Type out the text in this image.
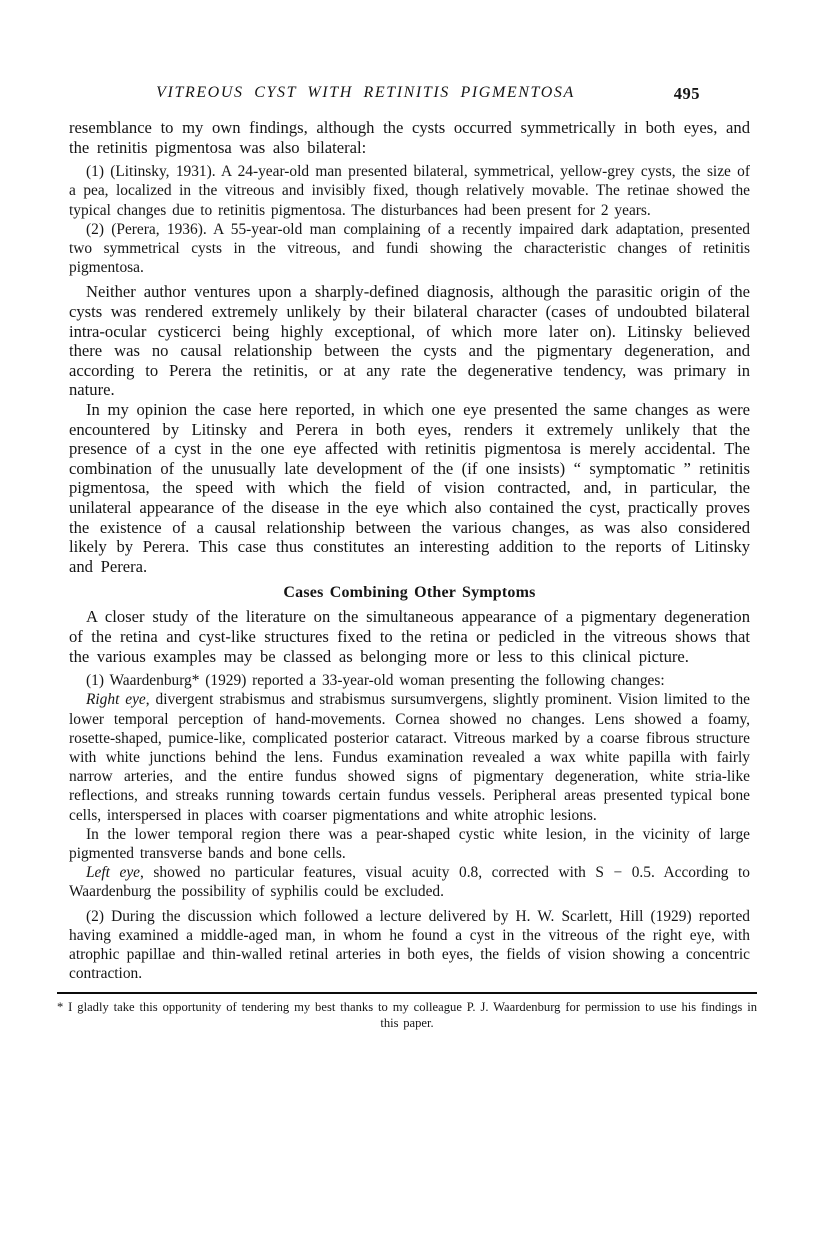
VITREOUS CYST WITH RETINITIS PIGMENTOSA	495

resemblance to my own findings, although the cysts occurred symmetrically in both eyes, and the retinitis pigmentosa was also bilateral:

(1) (Litinsky, 1931). A 24-year-old man presented bilateral, symmetrical, yellow-grey cysts, the size of a pea, localized in the vitreous and invisibly fixed, though relatively movable. The retinae showed the typical changes due to retinitis pigmentosa. The disturbances had been present for 2 years.

(2) (Perera, 1936). A 55-year-old man complaining of a recently impaired dark adaptation, presented two symmetrical cysts in the vitreous, and fundi showing the characteristic changes of retinitis pigmentosa.

Neither author ventures upon a sharply-defined diagnosis, although the parasitic origin of the cysts was rendered extremely unlikely by their bilateral character (cases of undoubted bilateral intra-ocular cysticerci being highly exceptional, of which more later on). Litinsky believed there was no causal relationship between the cysts and the pigmentary degeneration, and according to Perera the retinitis, or at any rate the degenerative tendency, was primary in nature.

In my opinion the case here reported, in which one eye presented the same changes as were encountered by Litinsky and Perera in both eyes, renders it extremely unlikely that the presence of a cyst in the one eye affected with retinitis pigmentosa is merely accidental. The combination of the unusually late development of the (if one insists) “ symptomatic ” retinitis pigmentosa, the speed with which the field of vision contracted, and, in particular, the unilateral appearance of the disease in the eye which also contained the cyst, practically proves the existence of a causal relationship between the various changes, as was also considered likely by Perera. This case thus constitutes an interesting addition to the reports of Litinsky and Perera.

Cases Combining Other Symptoms

A closer study of the literature on the simultaneous appearance of a pigmentary degeneration of the retina and cyst-like structures fixed to the retina or pedicled in the vitreous shows that the various examples may be classed as belonging more or less to this clinical picture.

(1) Waardenburg* (1929) reported a 33-year-old woman presenting the following changes:

Right eye, divergent strabismus and strabismus sursumvergens, slightly prominent. Vision limited to the lower temporal perception of hand-movements. Cornea showed no changes. Lens showed a foamy, rosette-shaped, pumice-like, complicated posterior cataract. Vitreous marked by a coarse fibrous structure with white junctions behind the lens. Fundus examination revealed a wax white papilla with fairly narrow arteries, and the entire fundus showed signs of pigmentary degeneration, white stria-like reflections, and streaks running towards certain fundus vessels. Peripheral areas presented typical bone cells, interspersed in places with coarser pigmentations and white atrophic lesions.

In the lower temporal region there was a pear-shaped cystic white lesion, in the vicinity of large pigmented transverse bands and bone cells.

Left eye, showed no particular features, visual acuity 0.8, corrected with S − 0.5. According to Waardenburg the possibility of syphilis could be excluded.

(2) During the discussion which followed a lecture delivered by H. W. Scarlett, Hill (1929) reported having examined a middle-aged man, in whom he found a cyst in the vitreous of the right eye, with atrophic papillae and thin-walled retinal arteries in both eyes, the fields of vision showing a concentric contraction.

* I gladly take this opportunity of tendering my best thanks to my colleague P. J. Waardenburg for permission to use his findings in this paper.
